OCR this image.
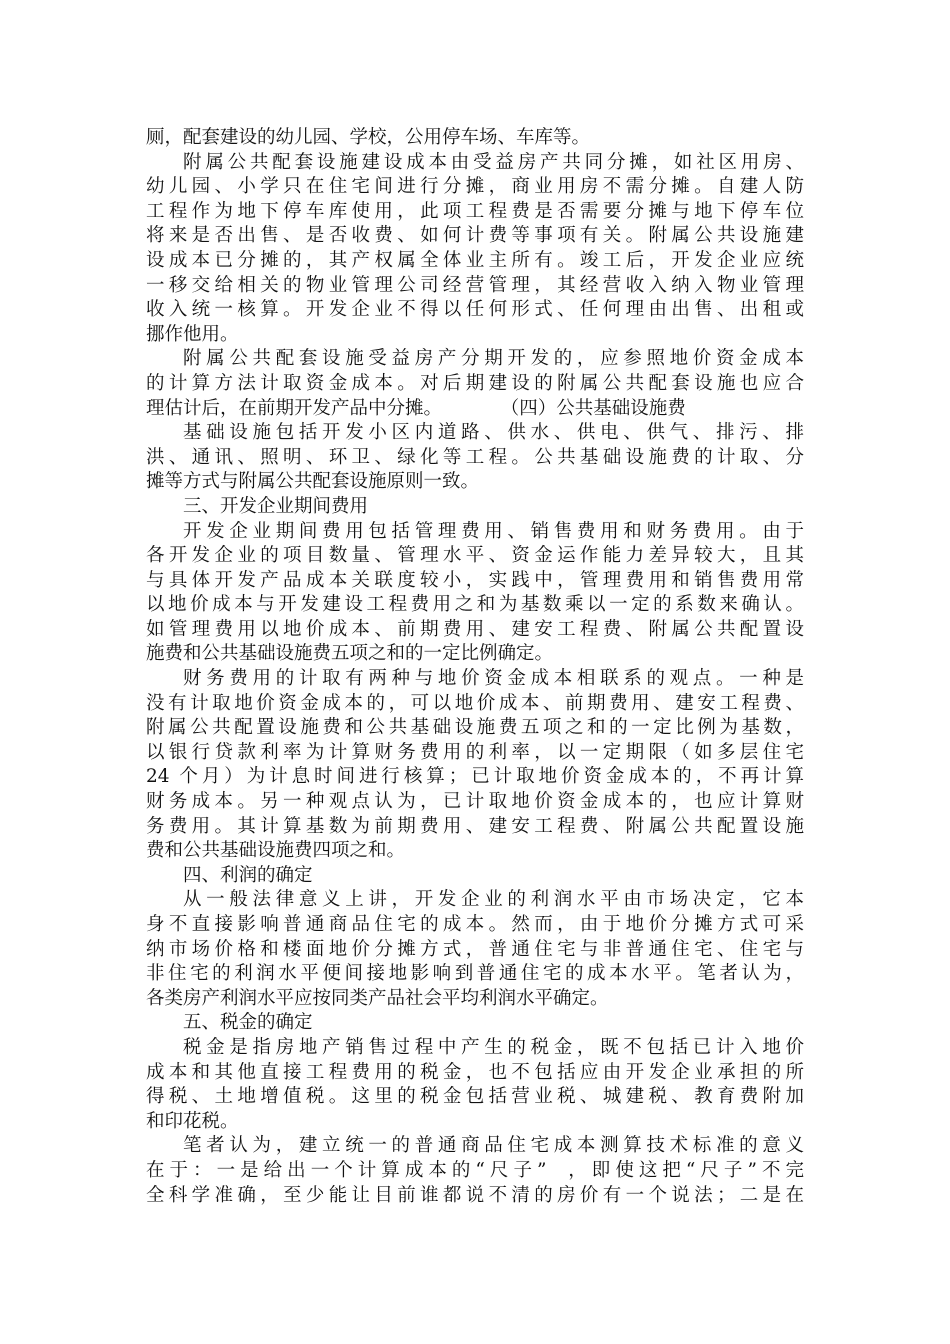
厕，配套建设的幼儿园、学校，公用停车场、车库等。
附属公共配套设施建设成本由受益房产共同分摊，如社区用房、
幼儿园、小学只在住宅间进行分摊，商业用房不需分摊。自建人防
工程作为地下停车库使用，此项工程费是否需要分摊与地下停车位
将来是否出售、是否收费、如何计费等事项有关。附属公共设施建
设成本已分摊的，其产权属全体业主所有。竣工后，开发企业应统
一移交给相关的物业管理公司经营管理，其经营收入纳入物业管理
收入统一核算。开发企业不得以任何形式、任何理由出售、出租或
挪作他用。
附属公共配套设施受益房产分期开发的，应参照地价资金成本
的计算方法计取资金成本。对后期建设的附属公共配套设施也应合
理估计后，在前期开发产品中分摊。          （四）公共基础设施费
基础设施包括开发小区内道路、供水、供电、供气、排污、排
洪、通讯、照明、环卫、绿化等工程。公共基础设施费的计取、分
摊等方式与附属公共配套设施原则一致。
三、开发企业期间费用
开发企业期间费用包括管理费用、销售费用和财务费用。由于
各开发企业的项目数量、管理水平、资金运作能力差异较大，且其
与具体开发产品成本关联度较小，实践中，管理费用和销售费用常
以地价成本与开发建设工程费用之和为基数乘以一定的系数来确认。
如管理费用以地价成本、前期费用、建安工程费、附属公共配置设
施费和公共基础设施费五项之和的一定比例确定。
财务费用的计取有两种与地价资金成本相联系的观点。一种是
没有计取地价资金成本的，可以地价成本、前期费用、建安工程费、
附属公共配置设施费和公共基础设施费五项之和的一定比例为基数，
以银行贷款利率为计算财务费用的利率，以一定期限（如多层住宅
24 个月）为计息时间进行核算；已计取地价资金成本的，不再计算
财务成本。另一种观点认为，已计取地价资金成本的，也应计算财
务费用。其计算基数为前期费用、建安工程费、附属公共配置设施
费和公共基础设施费四项之和。
四、利润的确定
从一般法律意义上讲，开发企业的利润水平由市场决定，它本
身不直接影响普通商品住宅的成本。然而，由于地价分摊方式可采
纳市场价格和楼面地价分摊方式，普通住宅与非普通住宅、住宅与
非住宅的利润水平便间接地影响到普通住宅的成本水平。笔者认为，
各类房产利润水平应按同类产品社会平均利润水平确定。
五、税金的确定
税金是指房地产销售过程中产生的税金，既不包括已计入地价
成本和其他直接工程费用的税金，也不包括应由开发企业承担的所
得税、土地增值税。这里的税金包括营业税、城建税、教育费附加
和印花税。
笔者认为，建立统一的普通商品住宅成本测算技术标准的意义
在于：一是给出一个计算成本的“尺子”  ，即使这把“尺子”不完
全科学准确，至少能让目前谁都说不清的房价有一个说法；二是在
